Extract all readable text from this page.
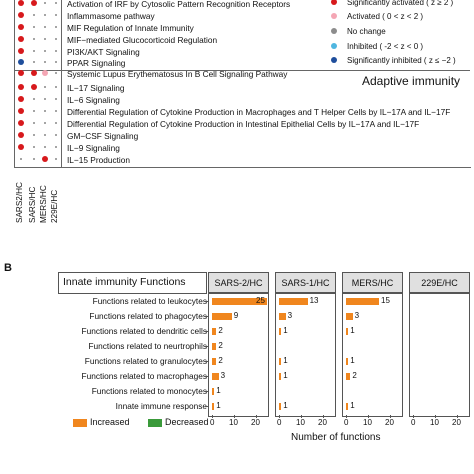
Adaptive immunity
Activation of IRF by Cytosolic Pattern Recognition Receptors
Inflammasome pathway
MIF Regulation of Innate Immunity
MIF−mediated Glucocorticoid Regulation
PI3K/AKT Signaling
PPAR Signaling
Systemic Lupus Erythematosus In B Cell Signaling Pathway
IL−17 Signaling
IL−6 Signaling
Differential Regulation of Cytokine Production in Macrophages and T Helper Cells by IL−17A and IL−17F
Differential Regulation of Cytokine Production in Intestinal Epithelial Cells by IL−17A and IL−17F
GM−CSF Signaling
IL−9 Signaling
IL−15 Production
SARS2/HC SARS/HC MERS/HC 229E/HC
Significantly activated ( z ≥ 2 )
Activated ( 0 < z < 2 )
No change
Inhibited ( -2 < z < 0 )
Significantly inhibited ( z ≤ −2 )
B
Innate immunity Functions	SARS-2/HC
25
9
2
2
2
3
1
1
0 10 20
SARS-1/HC
13
3
1
1
1
1
0 10 20
MERS/HC
15
3
1
1
2
1
0 10 20
229E/HC
0 10 20
Functions related to leukocytes
Functions related to phagocytes
Functions related to dendritic cells
Functions related to neurtrophils
Functions related to granulocytes
Functions related to macrophages
Functions related to monocytes
Innate immune response
Number of functions
Increased	Decreased
